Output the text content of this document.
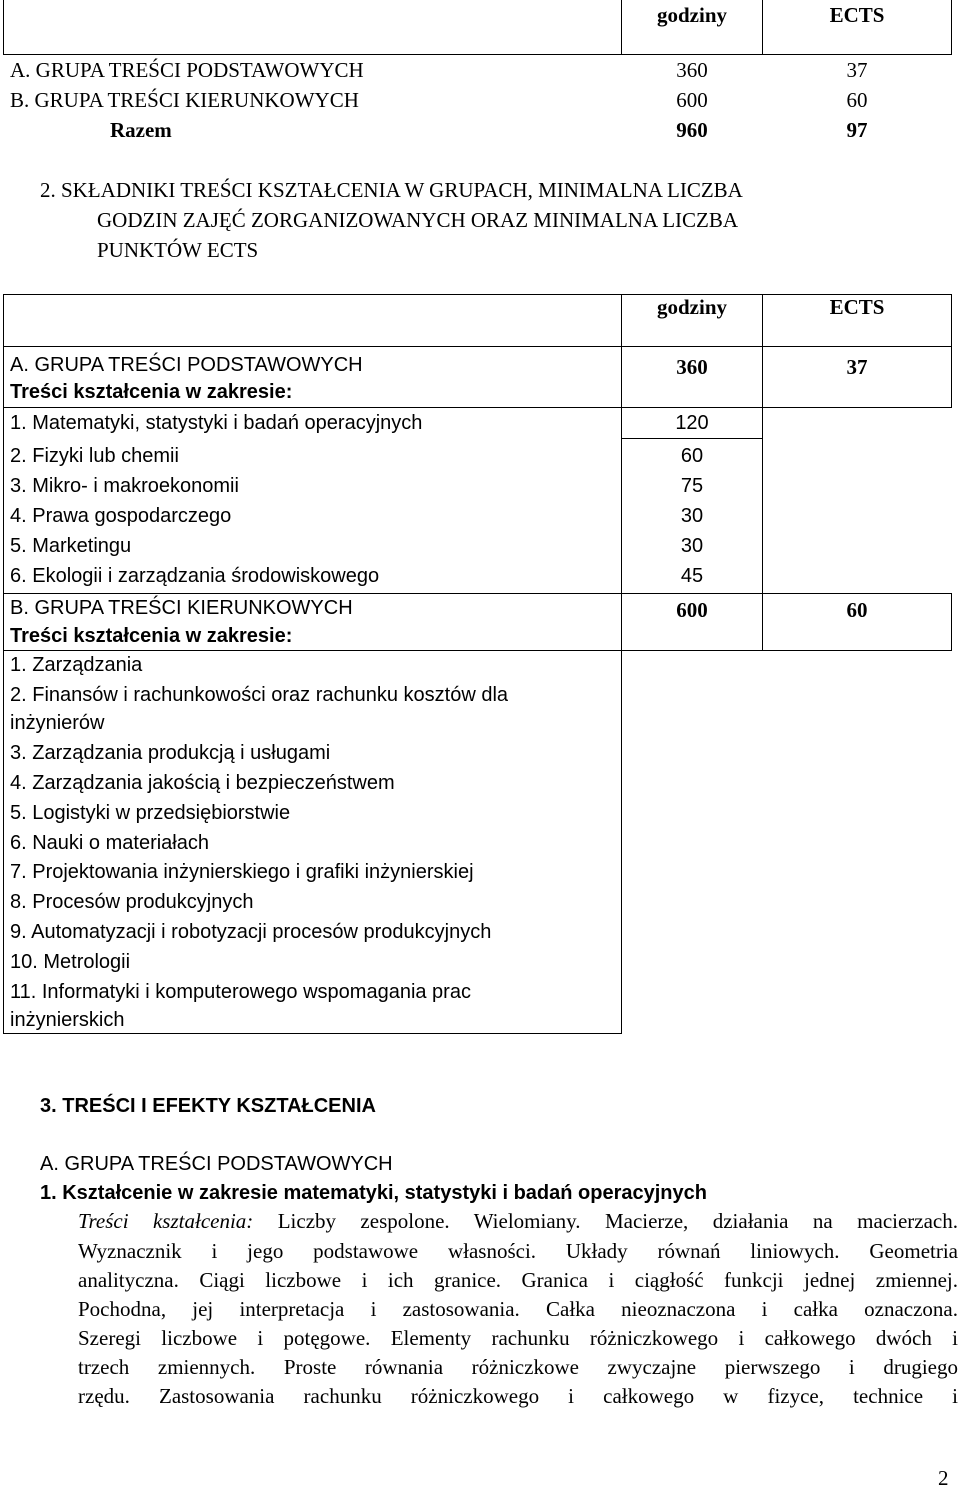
godziny	ECTS
A. GRUPA TREŚCI PODSTAWOWYCH	360	37
B. GRUPA TREŚCI KIERUNKOWYCH	600	60
Razem	960	97
2. SKŁADNIKI TREŚCI KSZTAŁCENIA W GRUPACH, MINIMALNA LICZBA
GODZIN ZAJĘĆ ZORGANIZOWANYCH ORAZ MINIMALNA LICZBA
PUNKTÓW ECTS
godziny	ECTS
A. GRUPA TREŚCI PODSTAWOWYCH
Treści kształcenia w zakresie:
360	37
1. Matematyki, statystyki i badań operacyjnych	120
2. Fizyki lub chemii	60
3. Mikro- i makroekonomii	75
4. Prawa gospodarczego	30
5. Marketingu	30
6. Ekologii i zarządzania środowiskowego	45
B. GRUPA TREŚCI KIERUNKOWYCH
Treści kształcenia w zakresie:
600	60
1. Zarządzania
2. Finansów i rachunkowości oraz rachunku kosztów dla
inżynierów
3. Zarządzania produkcją i usługami
4. Zarządzania jakością i bezpieczeństwem
5. Logistyki w przedsiębiorstwie
6. Nauki o materiałach
7. Projektowania inżynierskiego i grafiki inżynierskiej
8. Procesów produkcyjnych
9. Automatyzacji i robotyzacji procesów produkcyjnych
10. Metrologii
11. Informatyki i komputerowego wspomagania prac
inżynierskich
3. TREŚCI I EFEKTY KSZTAŁCENIA
A. GRUPA TREŚCI PODSTAWOWYCH
1. Kształcenie w zakresie matematyki, statystyki i badań operacyjnych
Treści kształcenia: Liczby zespolone. Wielomiany. Macierze, działania na macierzach.
Wyznacznik i jego podstawowe własności. Układy równań liniowych. Geometria
analityczna. Ciągi liczbowe i ich granice. Granica i ciągłość funkcji jednej zmiennej.
Pochodna, jej interpretacja i zastosowania. Całka nieoznaczona i całka oznaczona.
Szeregi liczbowe i potęgowe. Elementy rachunku różniczkowego i całkowego dwóch i
trzech zmiennych. Proste równania różniczkowe zwyczajne pierwszego i drugiego
rzędu. Zastosowania rachunku różniczkowego i całkowego w fizyce, technice i
2
